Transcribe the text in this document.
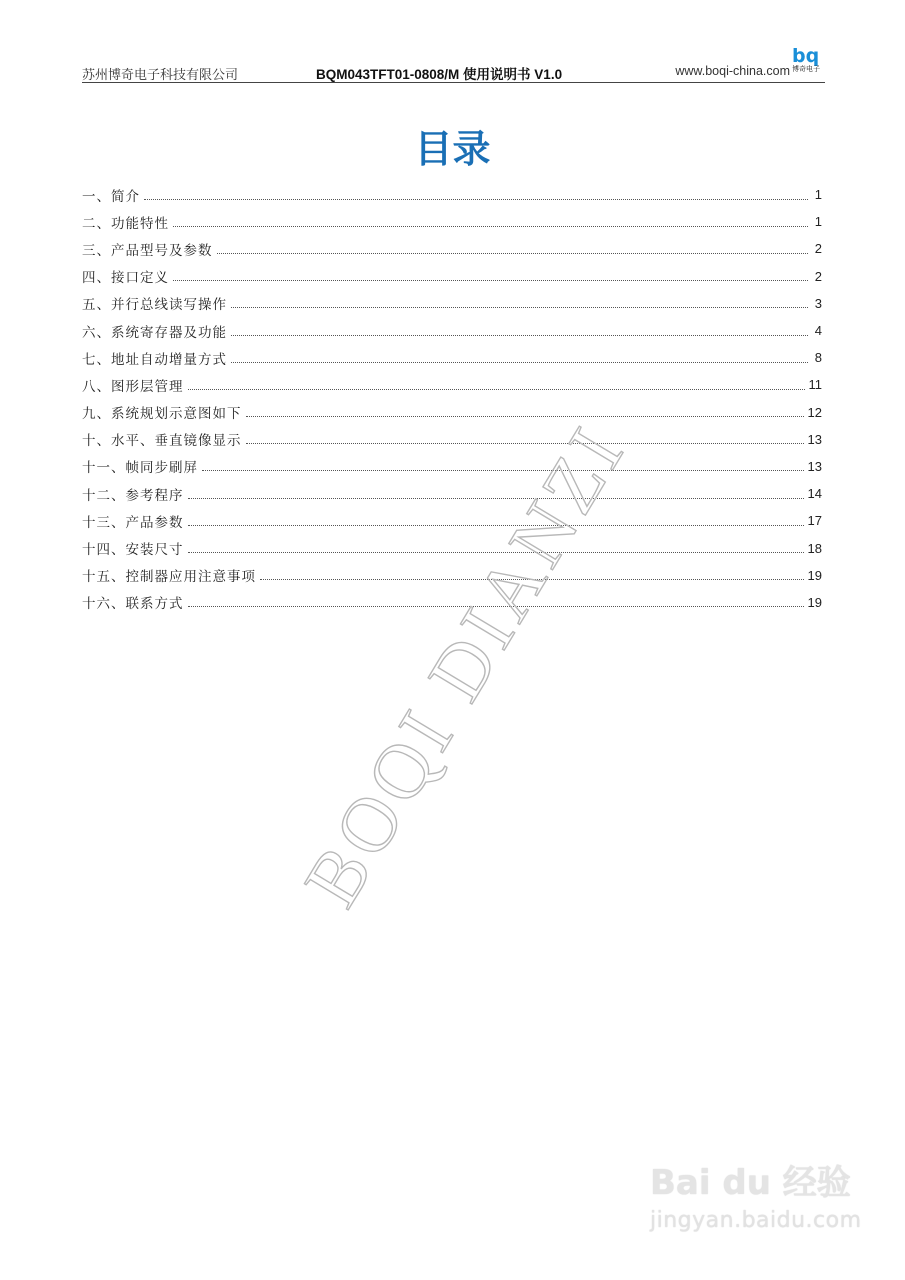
苏州博奇电子科技有限公司	BQM043TFT01-0808/M 使用说明书 V1.0	www.boqi-china.com
bq
博奇电子
目录
一、简介	1
二、功能特性	1
三、产品型号及参数	2
四、接口定义	2
五、并行总线读写操作	3
六、系统寄存器及功能	4
七、地址自动增量方式	8
八、图形层管理	11
九、系统规划示意图如下	12
十、水平、垂直镜像显示	13
十一、帧同步刷屏	13
十二、参考程序	14
十三、产品参数	17
十四、安装尺寸	18
十五、控制器应用注意事项	19
十六、联系方式	19
BOQI DIANZI
Bai du 经验
jingyan.baidu.com
